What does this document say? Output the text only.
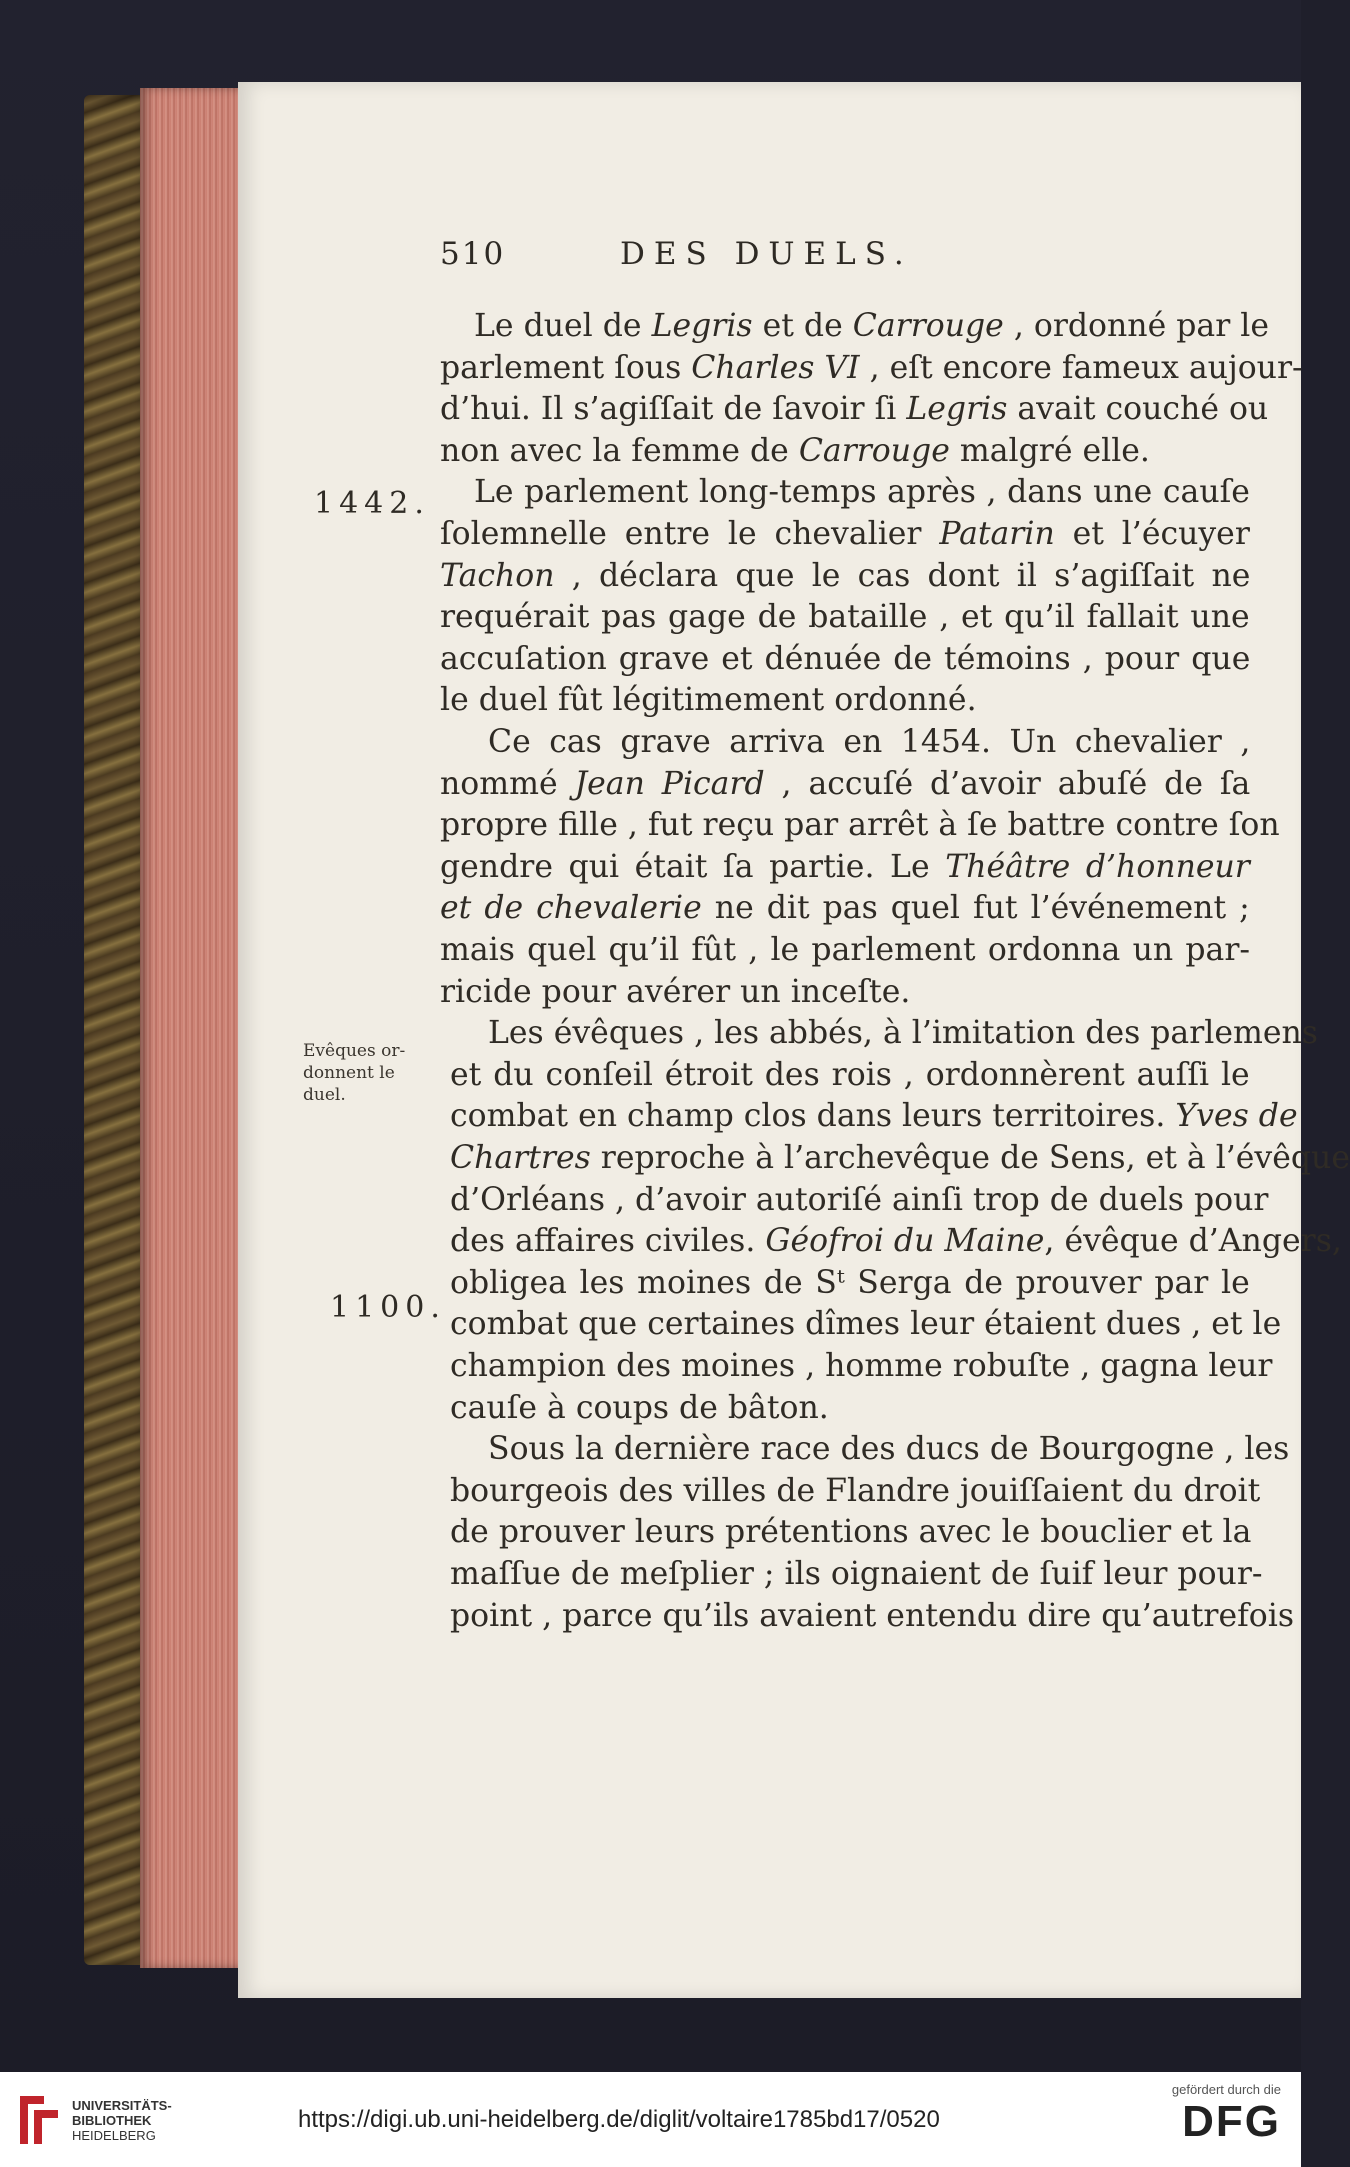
510	DES DUELS.
Le duel de Legris et de Carrouge , ordonné par le
parlement ſous Charles VI , eſt encore fameux aujour-
d’hui. Il s’agiſſait de ſavoir ſi Legris avait couché ou
non avec la femme de Carrouge malgré elle.
Le parlement long-temps après , dans une cauſe
ſolemnelle entre le chevalier Patarin et l’écuyer
Tachon , déclara que le cas dont il s’agiſſait ne
requérait pas gage de bataille , et qu’il fallait une
accuſation grave et dénuée de témoins , pour que
le duel fût légitimement ordonné.
Ce cas grave arriva en 1454. Un chevalier ,
nommé Jean Picard , accuſé d’avoir abuſé de ſa
propre fille , fut reçu par arrêt à ſe battre contre ſon
gendre qui était ſa partie. Le Théâtre d’honneur
et de chevalerie ne dit pas quel fut l’événement ;
mais quel qu’il fût , le parlement ordonna un par-
ricide pour avérer un inceſte.
Les évêques , les abbés, à l’imitation des parlemens
et du conſeil étroit des rois , ordonnèrent auſſi le
combat en champ clos dans leurs territoires. Yves de
Chartres reproche à l’archevêque de Sens, et à l’évêque
d’Orléans , d’avoir autoriſé ainſi trop de duels pour
des affaires civiles. Géofroi du Maine, évêque d’Angers,
obligea les moines de Sᵗ Serga de prouver par le
combat que certaines dîmes leur étaient dues , et le
champion des moines , homme robuſte , gagna leur
cauſe à coups de bâton.
Sous la dernière race des ducs de Bourgogne , les
bourgeois des villes de Flandre jouiſſaient du droit
de prouver leurs prétentions avec le bouclier et la
maſſue de meſplier ; ils oignaient de ſuif leur pour-
point , parce qu’ils avaient entendu dire qu’autrefois
1442.
Evêques or-
donnent le
duel.
1100.
UNIVERSITÄTS-
BIBLIOTHEK
HEIDELBERG
https://digi.ub.uni-heidelberg.de/diglit/voltaire1785bd17/0520
gefördert durch die
DFG
